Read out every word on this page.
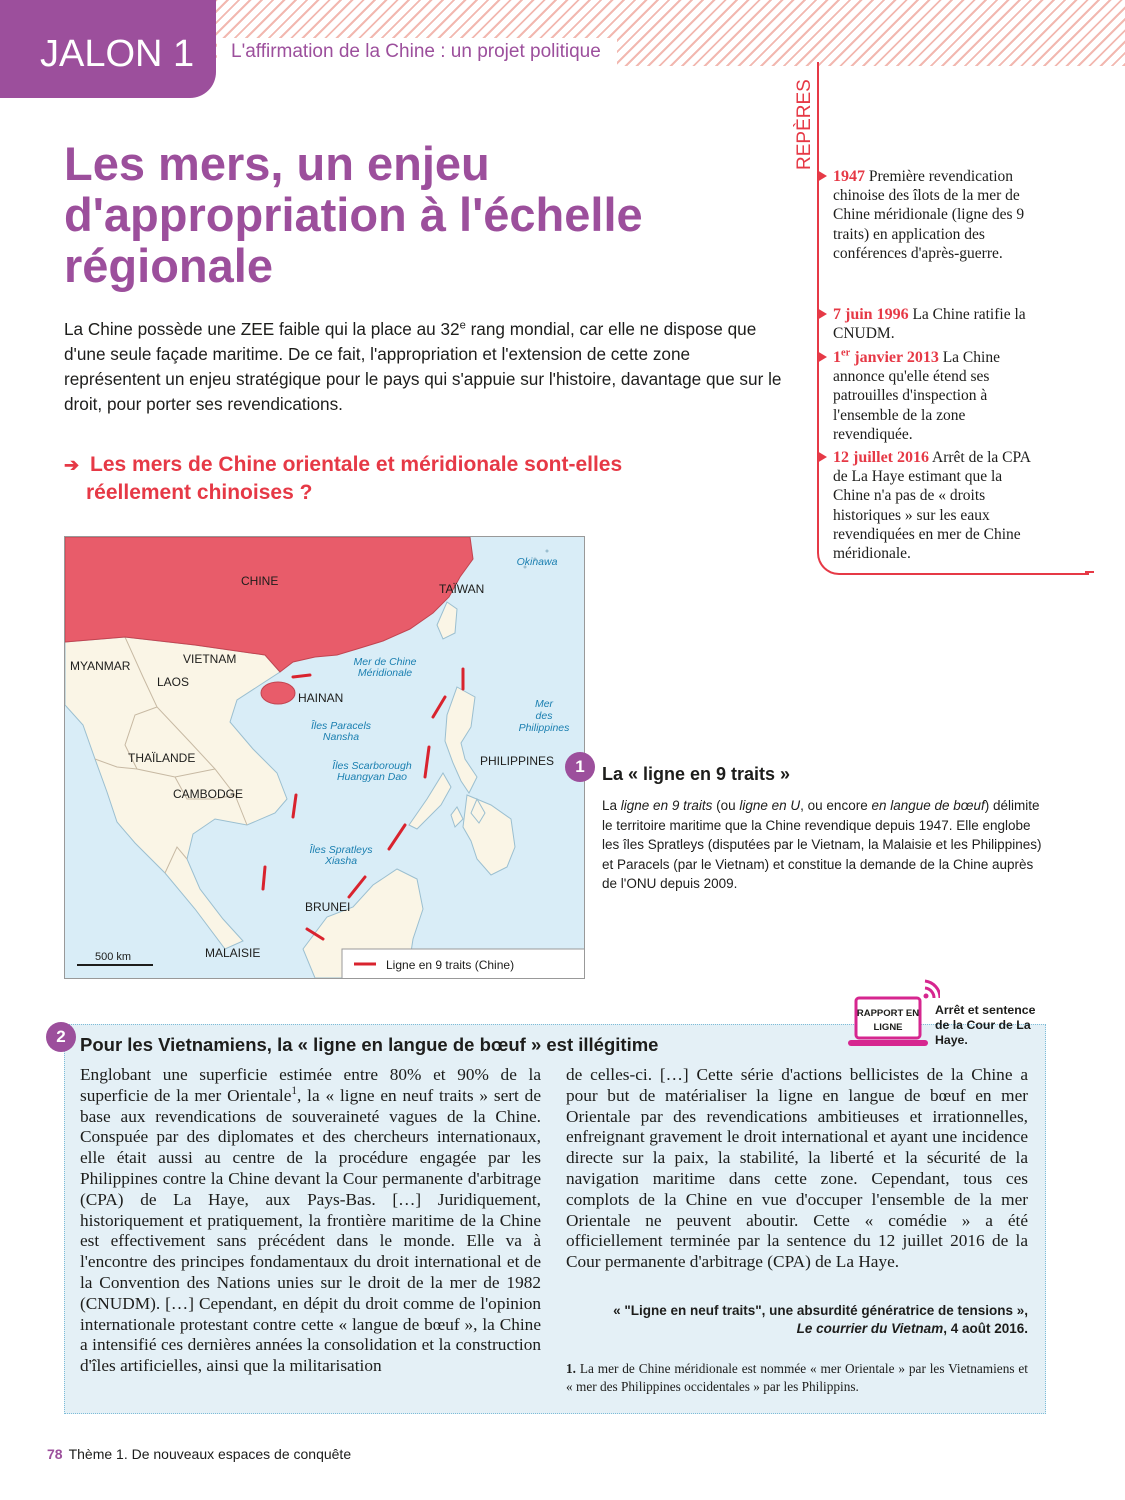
JALON 1	L'affirmation de la Chine : un projet politique
Les mers, un enjeu d'appropriation à l'échelle régionale
La Chine possède une ZEE faible qui la place au 32e rang mondial, car elle ne dispose que d'une seule façade maritime. De ce fait, l'appropriation et l'extension de cette zone représentent un enjeu stratégique pour le pays qui s'appuie sur l'histoire, davantage que sur le droit, pour porter ses revendications.
➔ Les mers de Chine orientale et méridionale sont-elles
réellement chinoises ?
REPÈRES
1947 Première revendication chinoise des îlots de la mer de Chine méridionale (ligne des 9 traits) en application des conférences d'après-guerre.
7 juin 1996 La Chine ratifie la CNUDM.
1er janvier 2013 La Chine annonce qu'elle étend ses patrouilles d'inspection à l'ensemble de la zone revendiquée.
12 juillet 2016 Arrêt de la CPA de La Haye estimant que la Chine n'a pas de « droits historiques » sur les eaux revendiquées en mer de Chine méridionale.
CHINE
TAÏWAN
MYANMAR	VIETNAM
LAOS
HAINAN
THAÏLANDE
CAMBODGE
PHILIPPINES
BRUNEI
MALAISIE
Okinawa
Mer de Chine
Méridionale
Mer
des
Philippines
Îles Paracels
Nansha
Îles Scarborough
Huangyan Dao
Îles Spratleys
Xiasha
500 km
Ligne en 9 traits (Chine)
1 La « ligne en 9 traits »
La ligne en 9 traits (ou ligne en U, ou encore en langue de bœuf) délimite le territoire maritime que la Chine revendique depuis 1947. Elle englobe les îles Spratleys (disputées par le Vietnam, la Malaisie et les Philippines) et Paracels (par le Vietnam) et constitue la demande de la Chine auprès de l'ONU depuis 2009.
2 Pour les Vietnamiens, la « ligne en langue de bœuf » est illégitime
Englobant une superficie estimée entre 80% et 90% de la superficie de la mer Orientale$^1$, la « ligne en neuf traits » sert de base aux revendications de souveraineté vagues de la Chine. Conspuée par des diplomates et des chercheurs internationaux, elle était aussi au centre de la procédure engagée par les Philippines contre la Chine devant la Cour permanente d'arbitrage (CPA) de La Haye, aux Pays-Bas. […] Juridiquement, historiquement et pratiquement, la frontière maritime de la Chine est effectivement sans précédent dans le monde. Elle va à l'encontre des principes fondamentaux du droit international et de la Convention des Nations unies sur le droit de la mer de 1982 (CNUDM). […] Cependant, en dépit du droit comme de l'opinion internationale protestant contre cette « langue de bœuf », la Chine a intensifié ces dernières années la consolidation et la construction d'îles artificielles, ainsi que la militarisation
de celles-ci. […] Cette série d'actions bellicistes de la Chine a pour but de matérialiser la ligne en langue de bœuf en mer Orientale par des revendications ambitieuses et irrationnelles, enfreignant gravement le droit international et ayant une incidence directe sur la paix, la stabilité, la liberté et la sécurité de la navigation maritime dans cette zone. Cependant, tous ces complots de la Chine en vue d'occuper l'ensemble de la mer Orientale ne peuvent aboutir. Cette « comédie » a été officiellement terminée par la sentence du 12 juillet 2016 de la Cour permanente d'arbitrage (CPA) de La Haye.
« "Ligne en neuf traits", une absurdité génératrice de tensions »,
Le courrier du Vietnam, 4 août 2016.
1. La mer de Chine méridionale est nommée « mer Orientale » par les Vietnamiens et « mer des Philippines occidentales » par les Philippins.
RAPPORT EN
LIGNE
Arrêt et sentence de la Cour de La Haye.
78 Thème 1. De nouveaux espaces de conquête
